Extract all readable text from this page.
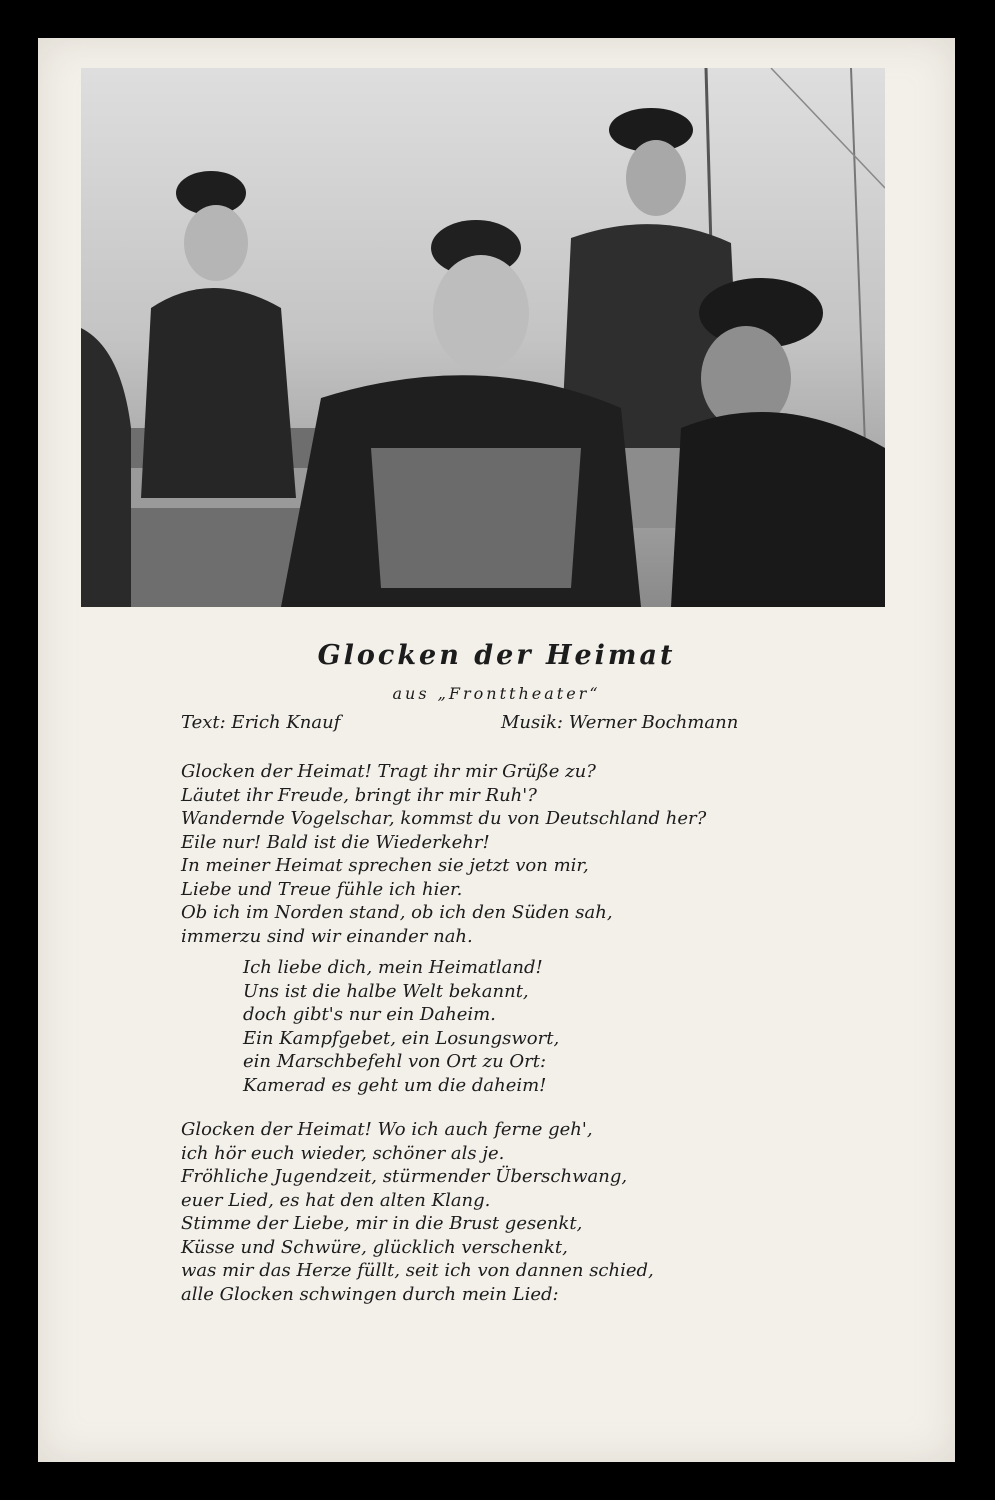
Glocken der Heimat
aus „Fronttheater“
Text: Erich Knauf	Musik: Werner Bochmann
Glocken der Heimat! Tragt ihr mir Grüße zu?
Läutet ihr Freude, bringt ihr mir Ruh'?
Wandernde Vogelschar, kommst du von Deutschland her?
Eile nur! Bald ist die Wiederkehr!
In meiner Heimat sprechen sie jetzt von mir,
Liebe und Treue fühle ich hier.
Ob ich im Norden stand, ob ich den Süden sah,
immerzu sind wir einander nah.
Ich liebe dich, mein Heimatland!
Uns ist die halbe Welt bekannt,
doch gibt's nur ein Daheim.
Ein Kampfgebet, ein Losungswort,
ein Marschbefehl von Ort zu Ort:
Kamerad es geht um die daheim!
Glocken der Heimat! Wo ich auch ferne geh',
ich hör euch wieder, schöner als je.
Fröhliche Jugendzeit, stürmender Überschwang,
euer Lied, es hat den alten Klang.
Stimme der Liebe, mir in die Brust gesenkt,
Küsse und Schwüre, glücklich verschenkt,
was mir das Herze füllt, seit ich von dannen schied,
alle Glocken schwingen durch mein Lied:
